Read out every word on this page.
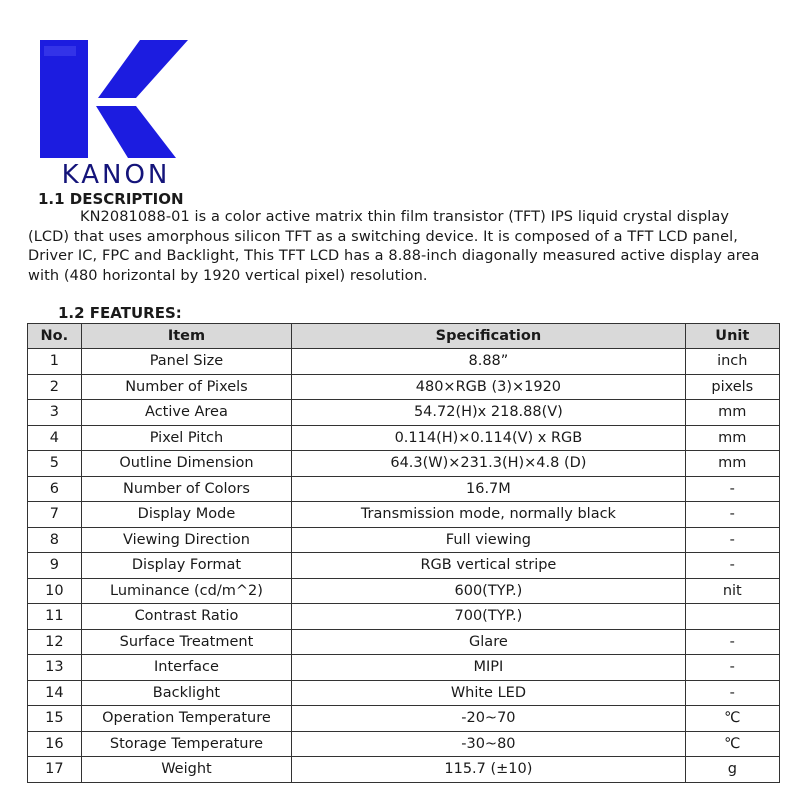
KANON
1.1 DESCRIPTION
KN2081088-01 is a color active matrix thin film transistor (TFT) IPS liquid crystal display (LCD) that uses amorphous silicon TFT as a switching device. It is composed of a TFT LCD panel, Driver IC, FPC and Backlight, This TFT LCD has a 8.88-inch diagonally measured active display area with (480 horizontal by 1920 vertical pixel) resolution.
1.2 FEATURES:
No.	Item	Specification	Unit
1	Panel Size	8.88”	inch
2	Number of Pixels	480×RGB (3)×1920	pixels
3	Active Area	54.72(H)x 218.88(V)	mm
4	Pixel Pitch	0.114(H)×0.114(V) x RGB	mm
5	Outline Dimension	64.3(W)×231.3(H)×4.8 (D)	mm
6	Number of Colors	16.7M	-
7	Display Mode	Transmission mode, normally black	-
8	Viewing Direction	Full viewing	-
9	Display Format	RGB vertical stripe	-
10	Luminance (cd/m^2)	600(TYP.)	nit
11	Contrast Ratio	700(TYP.)	
12	Surface Treatment	Glare	-
13	Interface	MIPI	-
14	Backlight	White LED	-
15	Operation Temperature	-20~70	℃
16	Storage Temperature	-30~80	℃
17	Weight	115.7 (±10)	g
